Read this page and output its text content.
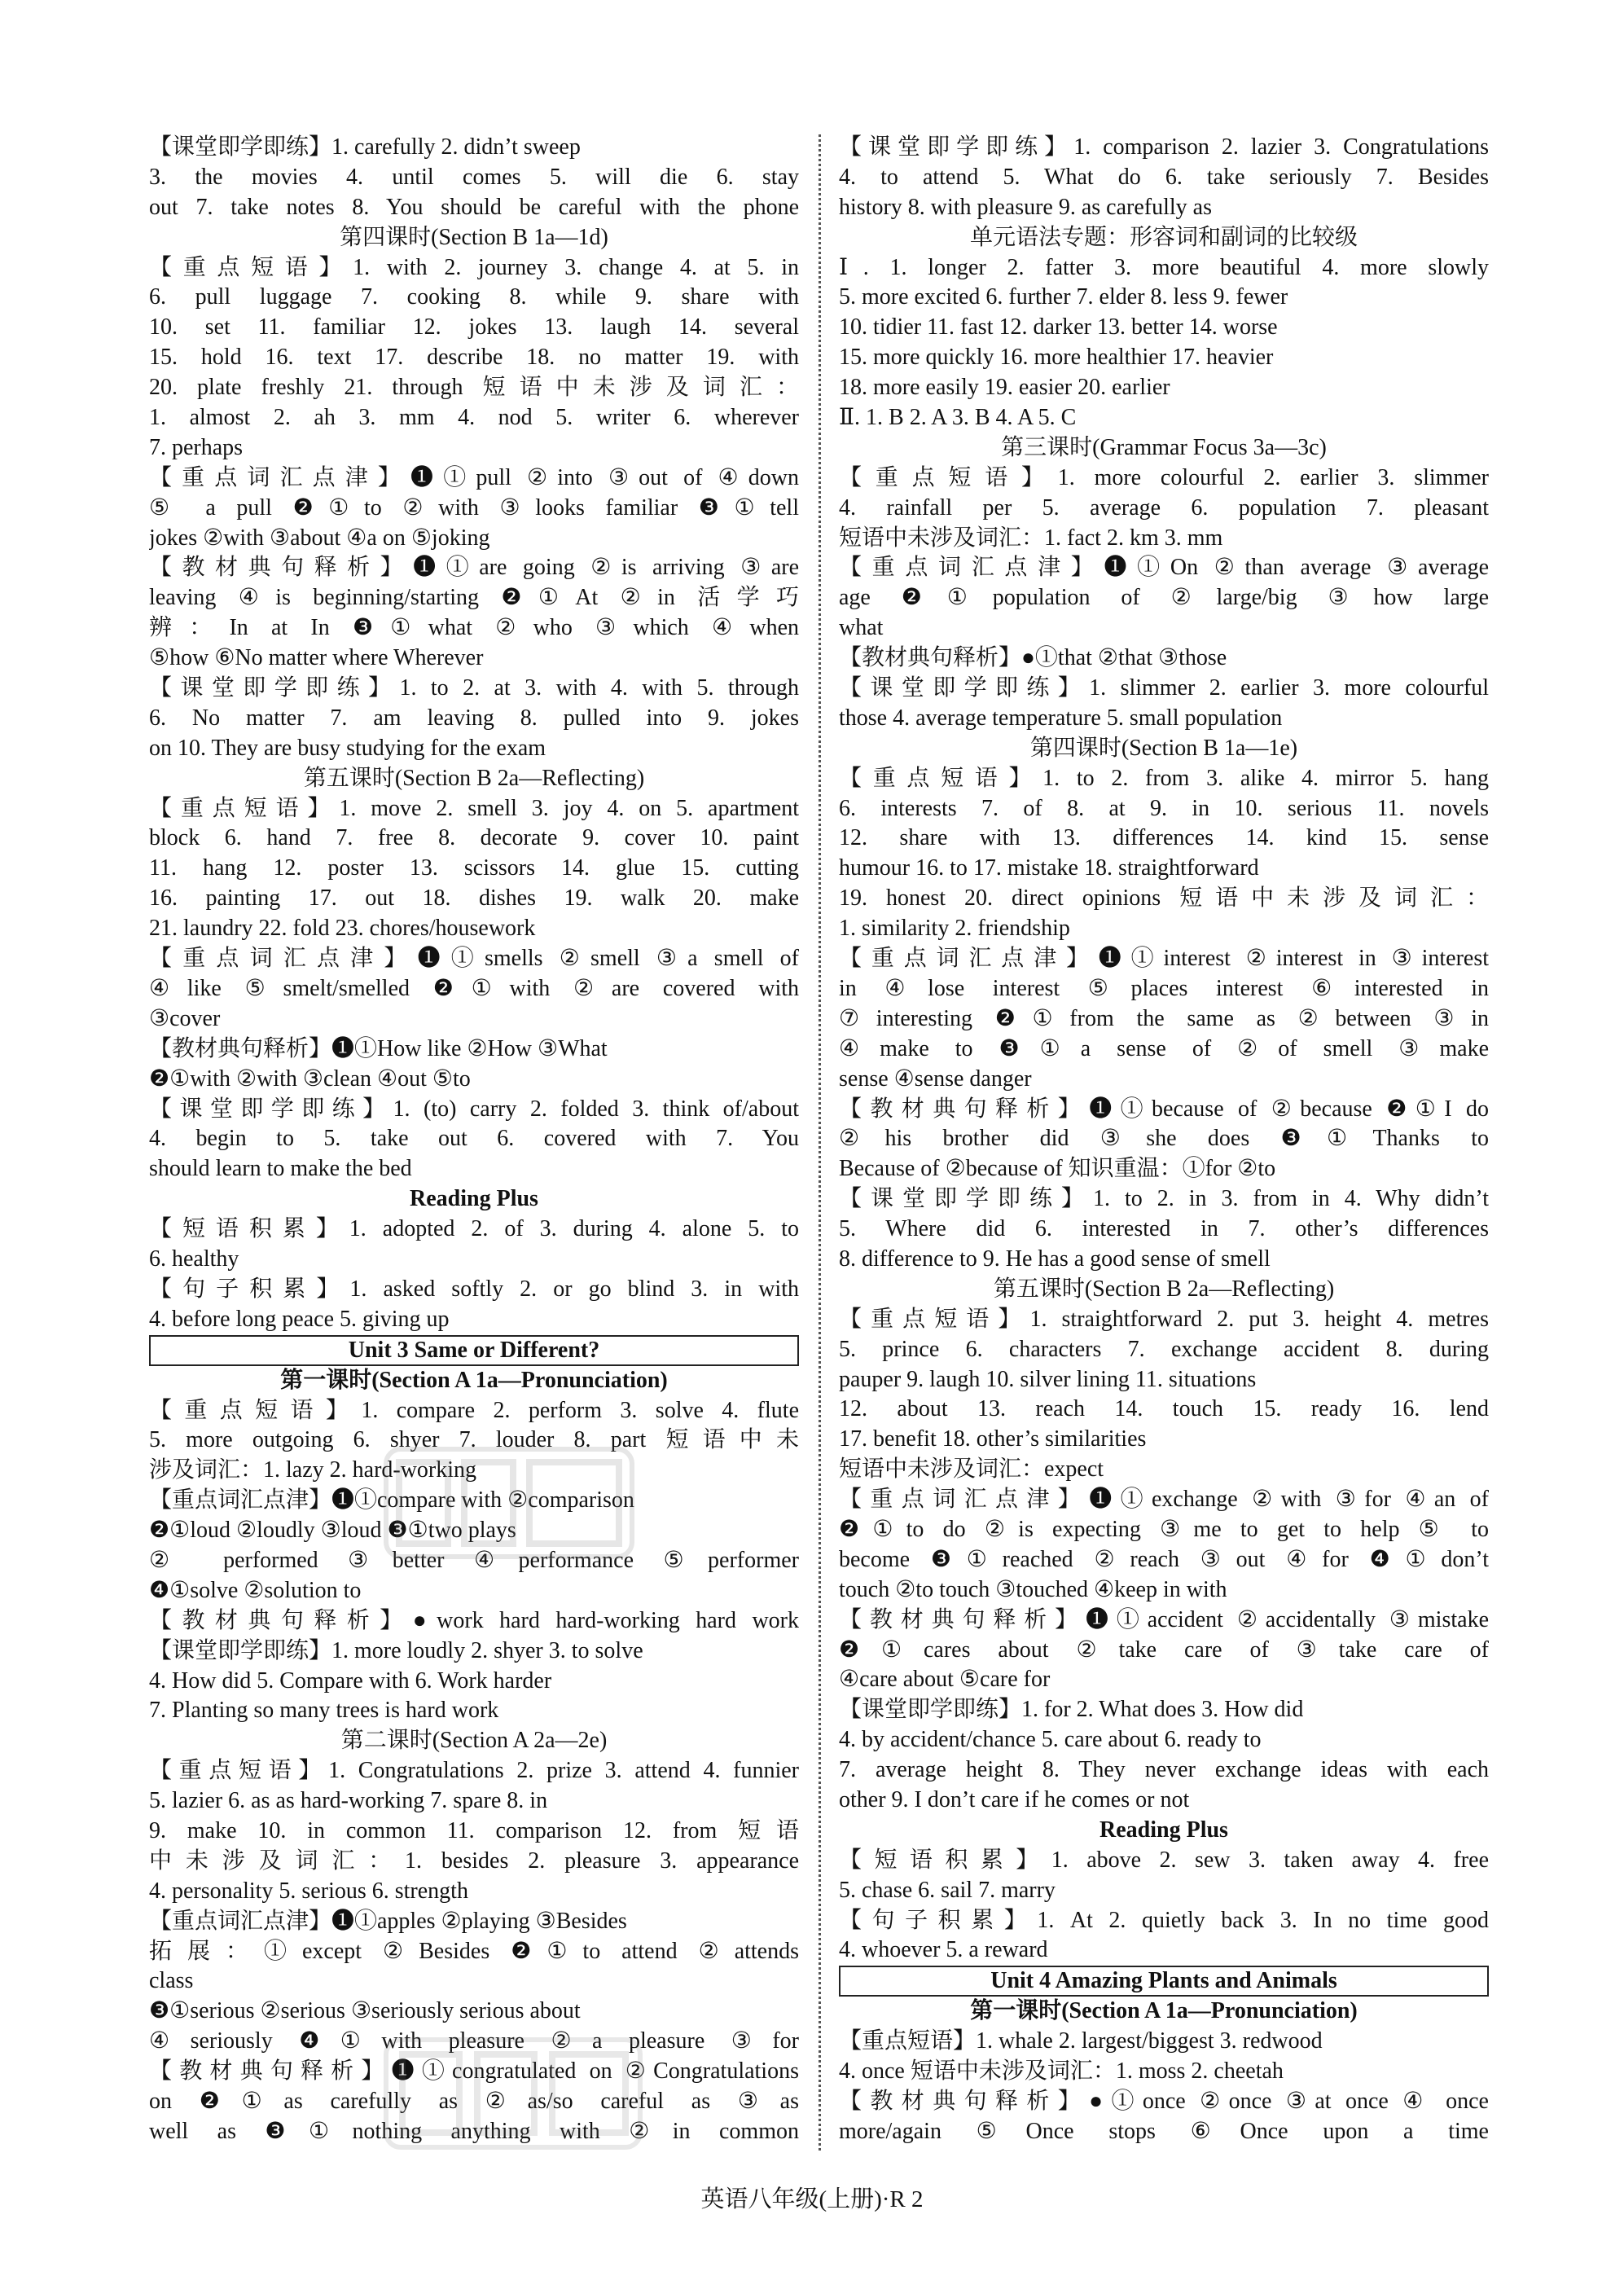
【课堂即学即练】1. carefully 2. didn’t sweep
3. the movies 4. until comes 5. will die 6. stay
out 7. take notes 8. You should be careful with the phone
第四课时(Section B 1a—1d)
【重点短语】1. with 2. journey 3. change 4. at 5. in
6. pull luggage 7. cooking 8. while 9. share with
10. set 11. familiar 12. jokes 13. laugh 14. several
15. hold 16. text 17. describe 18. no matter 19. with
20. plate freshly 21. through 短语中未涉及词汇：
1. almost 2. ah 3. mm 4. nod 5. writer 6. wherever
7. perhaps
【重点词汇点津】❶①pull ②into ③out of ④down
⑤ a pull ❷①to ②with ③looks familiar ❸①tell
jokes ②with ③about ④a on ⑤joking
【教材典句释析】❶①are going ②is arriving ③are
leaving ④is beginning/starting ❷①At ②in 活学巧
辨：In at In ❸①what ②who ③which ④when
⑤how ⑥No matter where Wherever
【课堂即学即练】1. to 2. at 3. with 4. with 5. through
6. No matter 7. am leaving 8. pulled into 9. jokes
on 10. They are busy studying for the exam
第五课时(Section B 2a—Reflecting)
【重点短语】1. move 2. smell 3. joy 4. on 5. apartment
block 6. hand 7. free 8. decorate 9. cover 10. paint
11. hang 12. poster 13. scissors 14. glue 15. cutting
16. painting 17. out 18. dishes 19. walk 20. make
21. laundry 22. fold 23. chores/housework
【重点词汇点津】❶①smells ②smell ③a smell of
④like ⑤smelt/smelled ❷①with ②are covered with
③cover
【教材典句释析】❶①How like ②How ③What
❷①with ②with ③clean ④out ⑤to
【课堂即学即练】1. (to) carry 2. folded 3. think of/about
4. begin to 5. take out 6. covered with 7. You
should learn to make the bed
Reading Plus
【短语积累】1. adopted 2. of 3. during 4. alone 5. to
6. healthy
【句子积累】1. asked softly 2. or go blind 3. in with
4. before long peace 5. giving up
Unit 3 Same or Different?
第一课时(Section A 1a—Pronunciation)
【重点短语】1. compare 2. perform 3. solve 4. flute
5. more outgoing 6. shyer 7. louder 8. part 短语中未
涉及词汇：1. lazy 2. hard-working
【重点词汇点津】❶①compare with ②comparison
❷①loud ②loudly ③loud ❸①two plays
② performed ③better ④performance ⑤performer
❹①solve ②solution to
【教材典句释析】●work hard hard-working hard work
【课堂即学即练】1. more loudly 2. shyer 3. to solve
4. How did 5. Compare with 6. Work harder
7. Planting so many trees is hard work
第二课时(Section A 2a—2e)
【重点短语】1. Congratulations 2. prize 3. attend 4. funnier
5. lazier 6. as as hard-working 7. spare 8. in
9. make 10. in common 11. comparison 12. from 短语
中未涉及词汇：1. besides 2. pleasure 3. appearance
4. personality 5. serious 6. strength
【重点词汇点津】❶①apples ②playing ③Besides
拓展：①except ②Besides ❷①to attend ②attends
class
❸①serious ②serious ③seriously serious about
④seriously ❹①with pleasure ②a pleasure ③for
【教材典句释析】❶①congratulated on ②Congratulations
on ❷①as carefully as ②as/so careful as ③as
well as ❸①nothing anything with ②in common
【课堂即学即练】1. comparison 2. lazier 3. Congratulations
4. to attend 5. What do 6. take seriously 7. Besides
history 8. with pleasure 9. as carefully as
单元语法专题：形容词和副词的比较级
Ⅰ. 1. longer 2. fatter 3. more beautiful 4. more slowly
5. more excited 6. further 7. elder 8. less 9. fewer
10. tidier 11. fast 12. darker 13. better 14. worse
15. more quickly 16. more healthier 17. heavier
18. more easily 19. easier 20. earlier
Ⅱ. 1. B 2. A 3. B 4. A 5. C
第三课时(Grammar Focus 3a—3c)
【重点短语】1. more colourful 2. earlier 3. slimmer
4. rainfall per 5. average 6. population 7. pleasant
短语中未涉及词汇：1. fact 2. km 3. mm
【重点词汇点津】❶①On ②than average ③average
age ❷①population of ②large/big ③how large
what
【教材典句释析】●①that ②that ③those
【课堂即学即练】1. slimmer 2. earlier 3. more colourful
those 4. average temperature 5. small population
第四课时(Section B 1a—1e)
【重点短语】1. to 2. from 3. alike 4. mirror 5. hang
6. interests 7. of 8. at 9. in 10. serious 11. novels
12. share with 13. differences 14. kind 15. sense
humour 16. to 17. mistake 18. straightforward
19. honest 20. direct opinions 短语中未涉及词汇：
1. similarity 2. friendship
【重点词汇点津】❶①interest ②interest in ③interest
in ④lose interest ⑤places interest ⑥interested in
⑦interesting ❷①from the same as ②between ③in
④make to ❸①a sense of ②of smell ③make
sense ④sense danger
【教材典句释析】❶①because of ②because ❷①I do
②his brother did ③she does ❸①Thanks to
Because of ②because of 知识重温：①for ②to
【课堂即学即练】1. to 2. in 3. from in 4. Why didn’t
5. Where did 6. interested in 7. other’s differences
8. difference to 9. He has a good sense of smell
第五课时(Section B 2a—Reflecting)
【重点短语】1. straightforward 2. put 3. height 4. metres
5. prince 6. characters 7. exchange accident 8. during
pauper 9. laugh 10. silver lining 11. situations
12. about 13. reach 14. touch 15. ready 16. lend
17. benefit 18. other’s similarities
短语中未涉及词汇：expect
【重点词汇点津】❶①exchange ②with ③for ④an of
❷①to do ②is expecting ③me to get to help ⑤ to
become ❸①reached ②reach ③out ④for ❹①don’t
touch ②to touch ③touched ④keep in with
【教材典句释析】❶①accident ②accidentally ③mistake
❷①cares about ②take care of ③take care of
④care about ⑤care for
【课堂即学即练】1. for 2. What does 3. How did
4. by accident/chance 5. care about 6. ready to
7. average height 8. They never exchange ideas with each
other 9. I don’t care if he comes or not
Reading Plus
【短语积累】1. above 2. sew 3. taken away 4. free
5. chase 6. sail 7. marry
【句子积累】1. At 2. quietly back 3. In no time good
4. whoever 5. a reward
Unit 4 Amazing Plants and Animals
第一课时(Section A 1a—Pronunciation)
【重点短语】1. whale 2. largest/biggest 3. redwood
4. once 短语中未涉及词汇：1. moss 2. cheetah
【教材典句释析】●①once ②once ③at once ④ once
more/again ⑤Once stops ⑥Once upon a time
英语八年级(上册)·R 2
